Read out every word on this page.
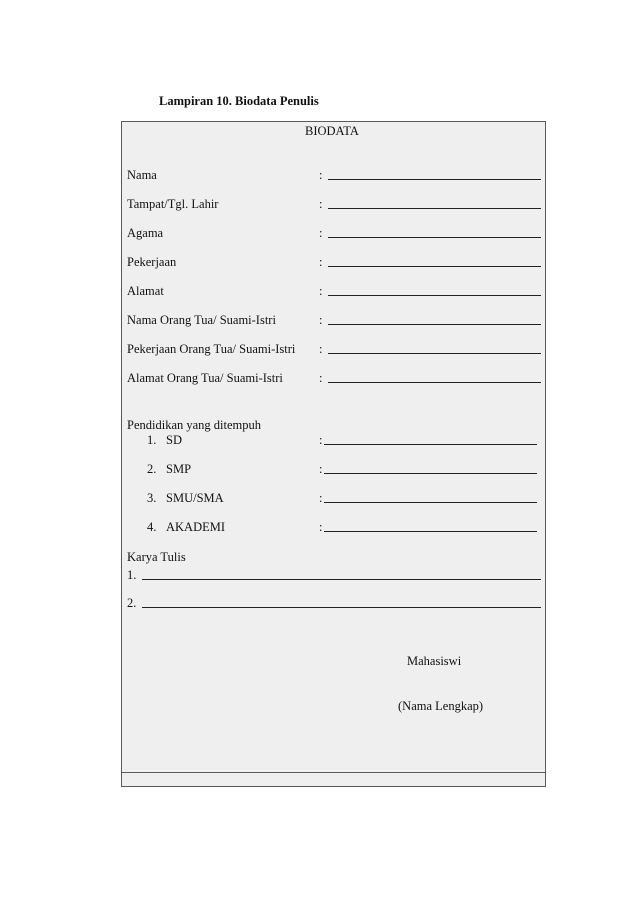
Lampiran 10. Biodata Penulis
BIODATA
Nama	:
Tampat/Tgl. Lahir	:
Agama	:
Pekerjaan	:
Alamat	:
Nama Orang Tua/ Suami-Istri	:
Pekerjaan Orang Tua/ Suami-Istri :
Alamat Orang Tua/ Suami-Istri	:
Pendidikan yang ditempuh
1. SD	:
2. SMP	:
3. SMU/SMA	:
4. AKADEMI	:
Karya Tulis
1.
2.
Mahasiswi
(Nama Lengkap)
